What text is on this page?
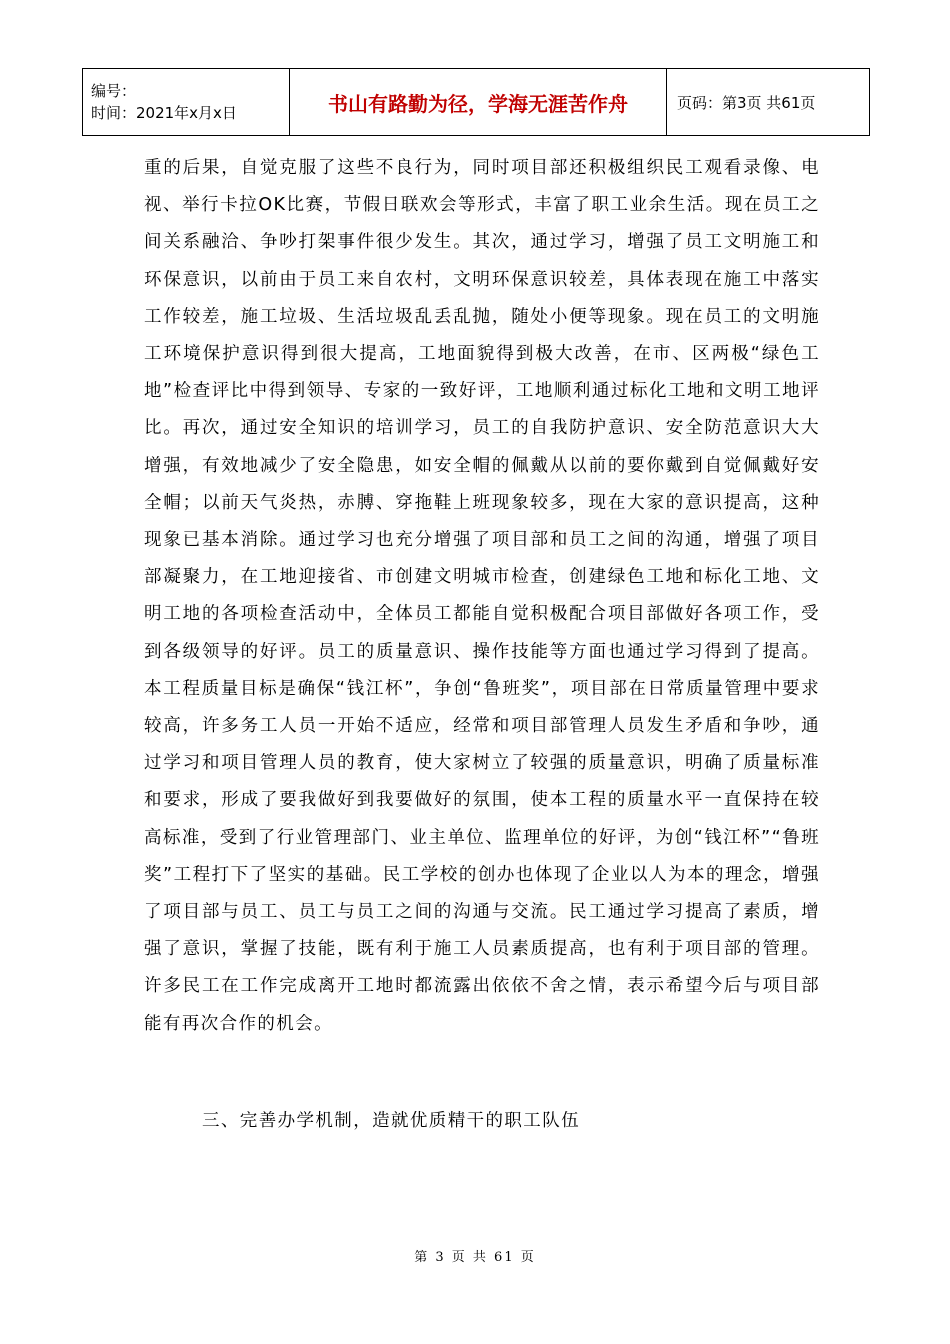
编号：
时间：2021年x月x日	书山有路勤为径，学海无涯苦作舟	页码：第3页 共61页

重的后果，自觉克服了这些不良行为，同时项目部还积极组织民工观看录像、电视、举行卡拉OK比赛，节假日联欢会等形式，丰富了职工业余生活。现在员工之间关系融洽、争吵打架事件很少发生。其次，通过学习，增强了员工文明施工和环保意识，以前由于员工来自农村，文明环保意识较差，具体表现在施工中落实工作较差，施工垃圾、生活垃圾乱丢乱抛，随处小便等现象。现在员工的文明施工环境保护意识得到很大提高，工地面貌得到极大改善，在市、区两极“绿色工地”检查评比中得到领导、专家的一致好评，工地顺利通过标化工地和文明工地评比。再次，通过安全知识的培训学习，员工的自我防护意识、安全防范意识大大增强，有效地减少了安全隐患，如安全帽的佩戴从以前的要你戴到自觉佩戴好安全帽；以前天气炎热，赤膊、穿拖鞋上班现象较多，现在大家的意识提高，这种现象已基本消除。通过学习也充分增强了项目部和员工之间的沟通，增强了项目部凝聚力，在工地迎接省、市创建文明城市检查，创建绿色工地和标化工地、文明工地的各项检查活动中，全体员工都能自觉积极配合项目部做好各项工作，受到各级领导的好评。员工的质量意识、操作技能等方面也通过学习得到了提高。本工程质量目标是确保“钱江杯”，争创“鲁班奖”，项目部在日常质量管理中要求较高，许多务工人员一开始不适应，经常和项目部管理人员发生矛盾和争吵，通过学习和项目管理人员的教育，使大家树立了较强的质量意识，明确了质量标准和要求，形成了要我做好到我要做好的氛围，使本工程的质量水平一直保持在较高标准，受到了行业管理部门、业主单位、监理单位的好评，为创“钱江杯”“鲁班奖”工程打下了坚实的基础。民工学校的创办也体现了企业以人为本的理念，增强了项目部与员工、员工与员工之间的沟通与交流。民工通过学习提高了素质，增强了意识，掌握了技能，既有利于施工人员素质提高，也有利于项目部的管理。许多民工在工作完成离开工地时都流露出依依不舍之情，表示希望今后与项目部能有再次合作的机会。

三、完善办学机制，造就优质精干的职工队伍
第 3 页 共 61 页
